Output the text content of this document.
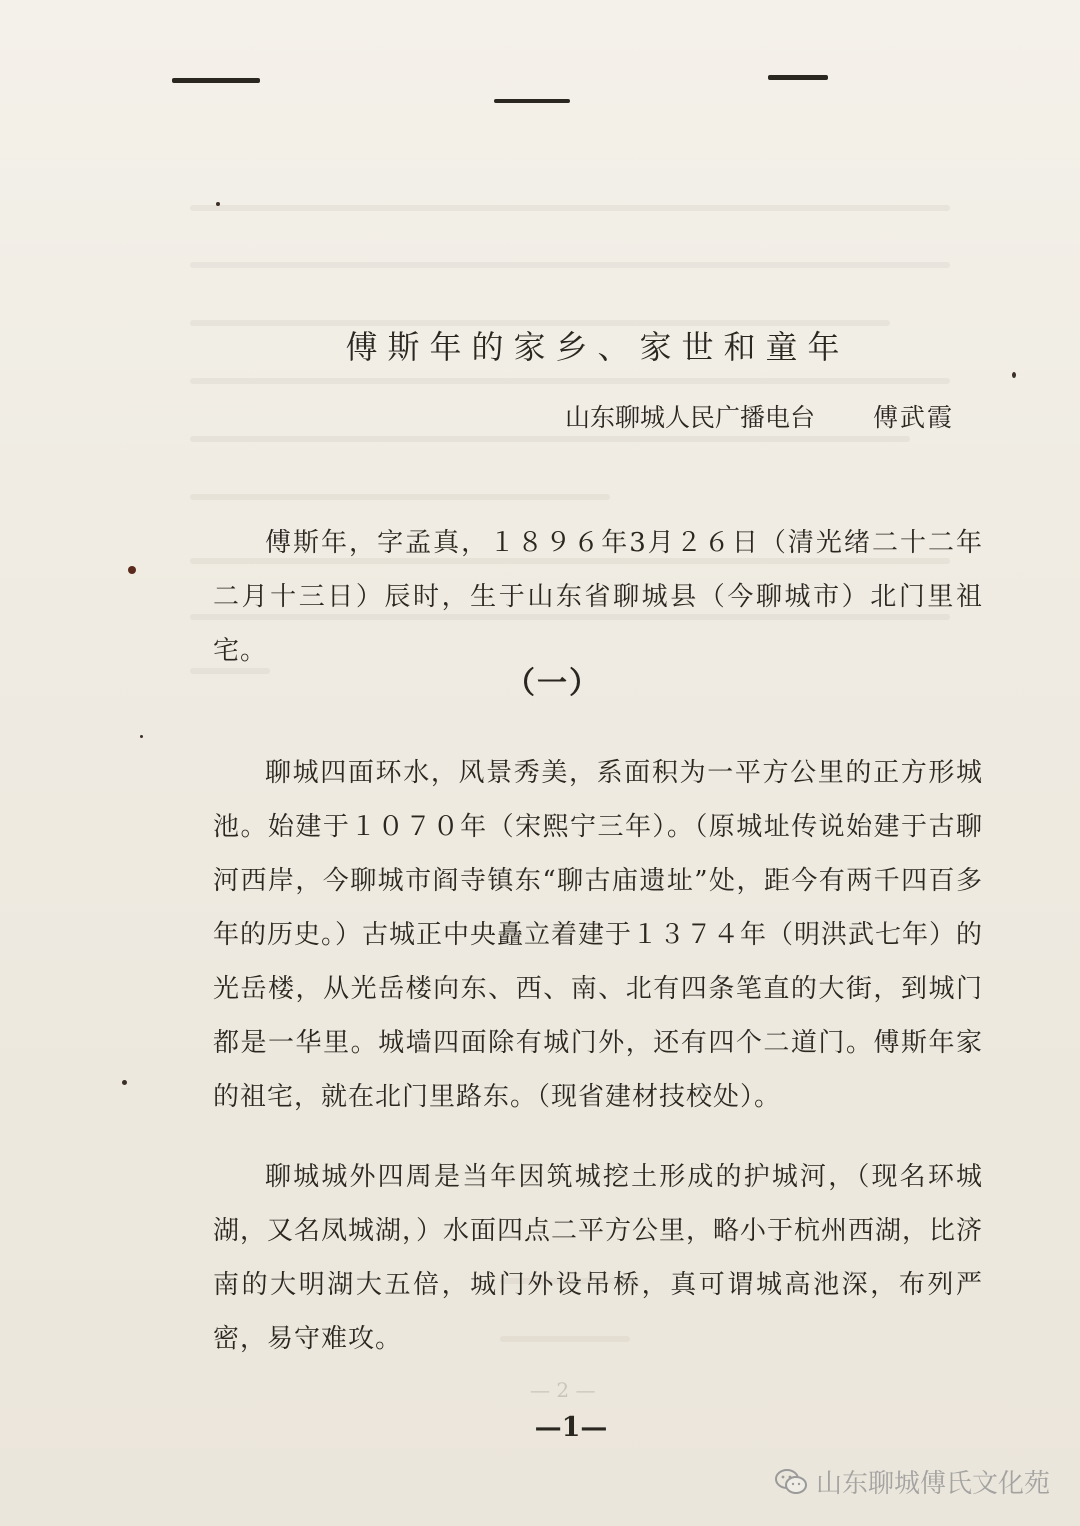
傅斯年的家乡、家世和童年
山东聊城人民广播电台 傅武霞

傅斯年，字孟真，１８９６年3月２６日（清光绪二十二年二月十三日）辰时，生于山东省聊城县（今聊城市）北门里祖宅。

（一）

聊城四面环水，风景秀美，系面积为一平方公里的正方形城池。始建于１０７０年（宋熙宁三年）。（原城址传说始建于古聊河西岸，今聊城市阎寺镇东“聊古庙遗址”处，距今有两千四百多年的历史。）古城正中央矗立着建于１３７４年（明洪武七年）的光岳楼，从光岳楼向东、西、南、北有四条笔直的大街，到城门都是一华里。城墙四面除有城门外，还有四个二道门。傅斯年家的祖宅，就在北门里路东。（现省建材技校处）。

聊城城外四周是当年因筑城挖土形成的护城河，（现名环城湖，又名凤城湖，）水面四点二平方公里，略小于杭州西湖，比济南的大明湖大五倍，城门外设吊桥，真可谓城高池深，布列严密，易守难攻。

— 2 —
—1—
山东聊城傅氏文化苑
